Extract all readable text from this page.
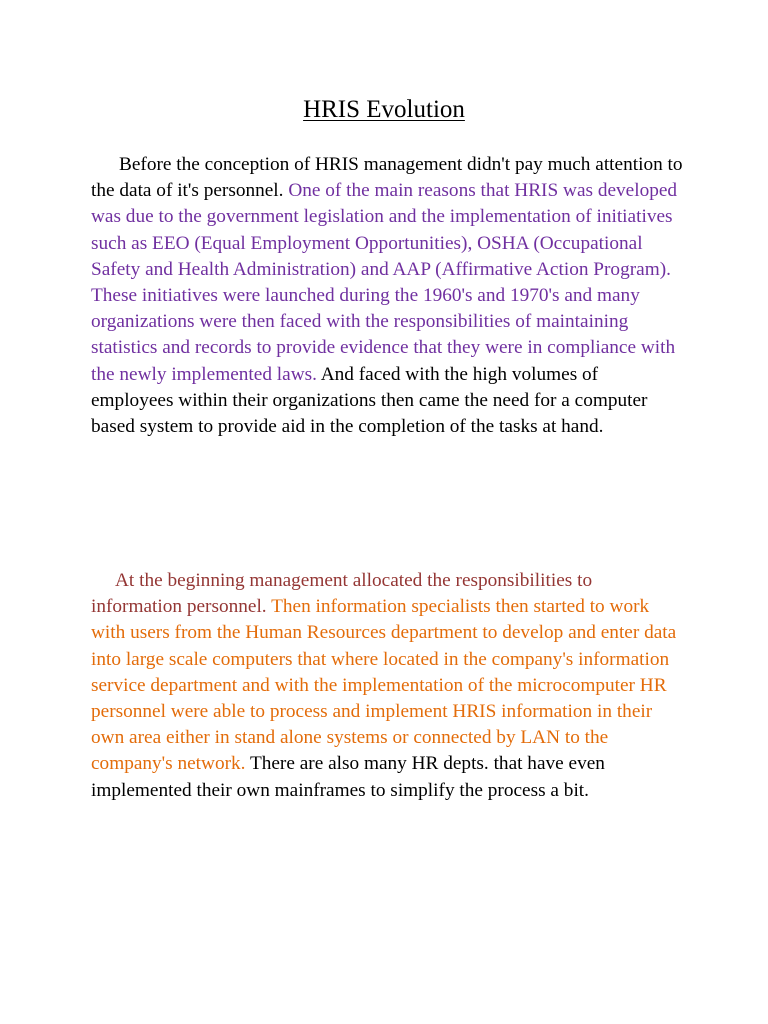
HRIS Evolution

Before the conception of HRIS management didn't pay much attention to the data of it's personnel. One of the main reasons that HRIS was developed was due to the government legislation and the implementation of initiatives such as EEO (Equal Employment Opportunities), OSHA (Occupational Safety and Health Administration) and AAP (Affirmative Action Program). These initiatives were launched during the 1960's and 1970's and many organizations were then faced with the responsibilities of maintaining statistics and records to provide evidence that they were in compliance with the newly implemented laws. And faced with the high volumes of employees within their organizations then came the need for a computer based system to provide aid in the completion of the tasks at hand.

At the beginning management allocated the responsibilities to information personnel. Then information specialists then started to work with users from the Human Resources department to develop and enter data into large scale computers that where located in the company's information service department and with the implementation of the microcomputer HR personnel were able to process and implement HRIS information in their own area either in stand alone systems or connected by LAN to the company's network. There are also many HR depts. that have even implemented their own mainframes to simplify the process a bit.
